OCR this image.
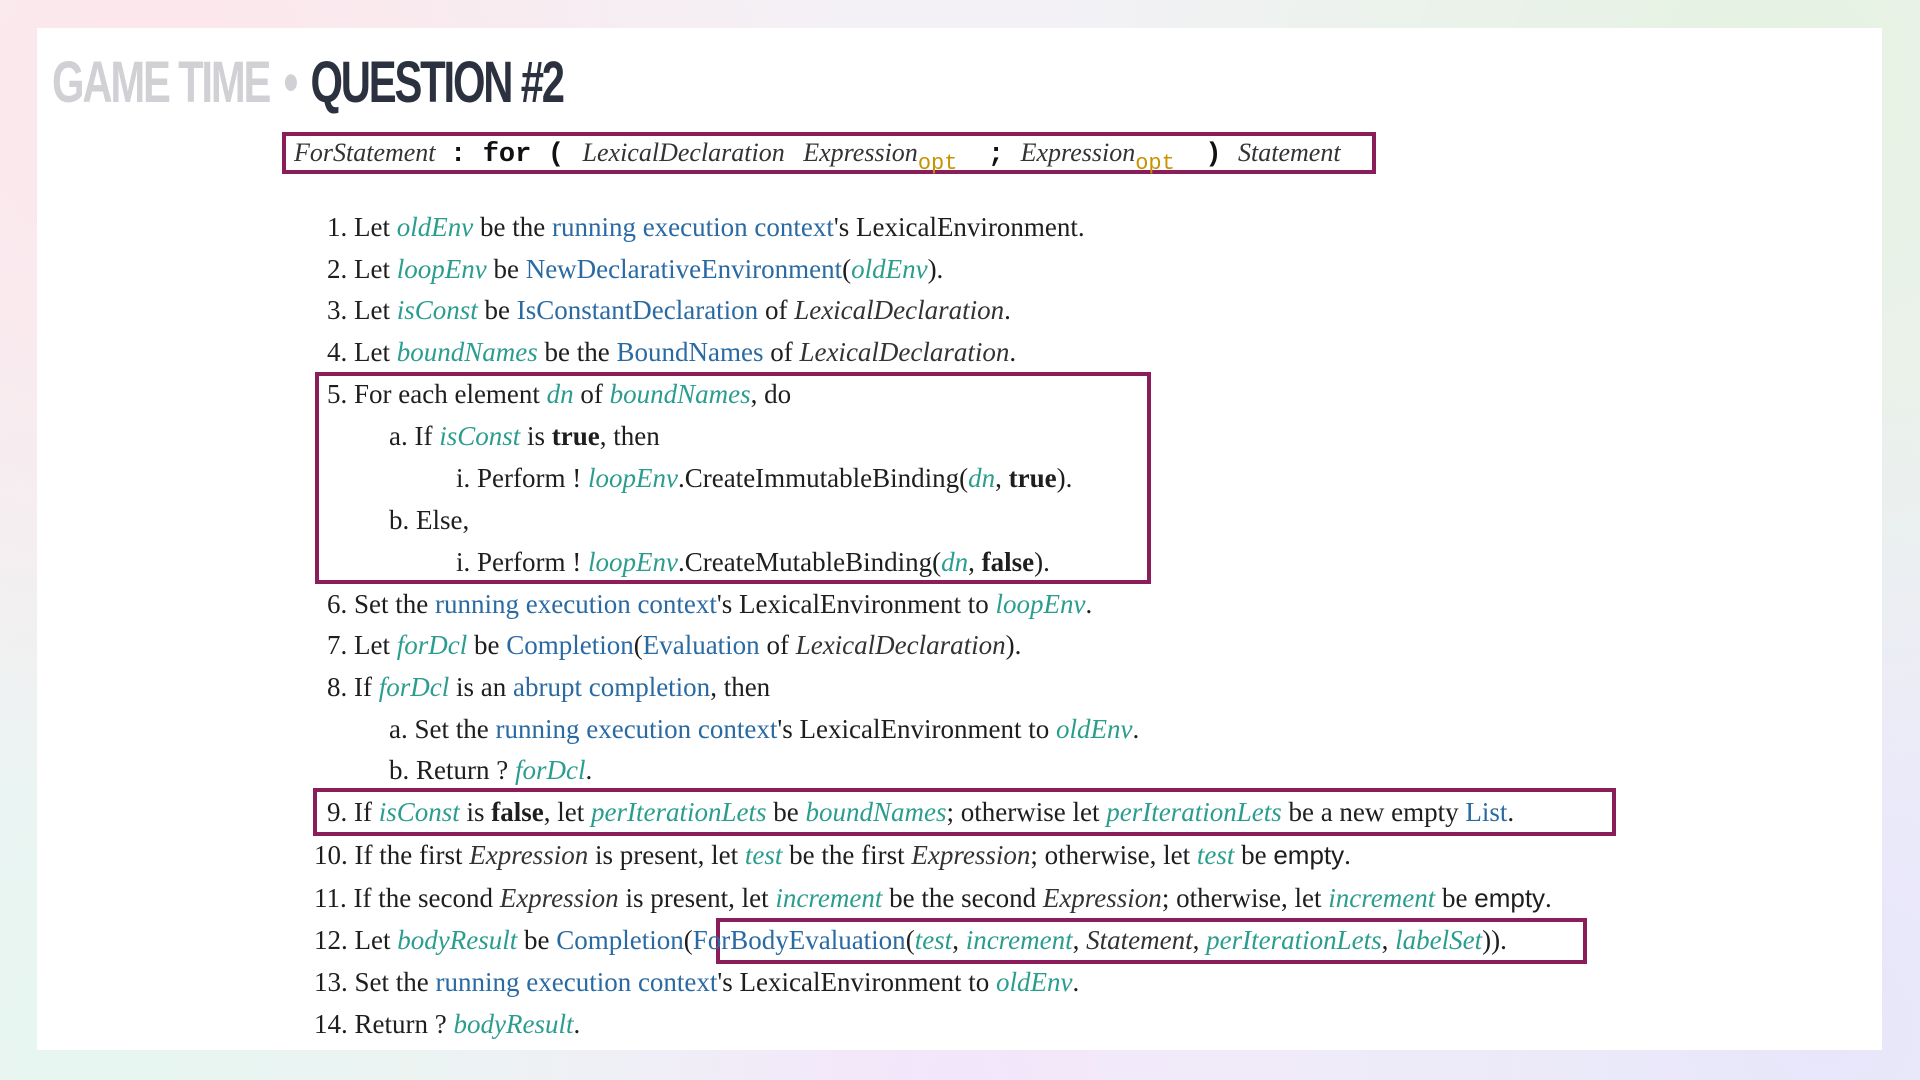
GAME TIME • QUESTION #2
ForStatement : for ( LexicalDeclaration Expression$_{opt}$ ; Expression$_{opt}$ ) Statement
1. Let oldEnv be the running execution context's LexicalEnvironment.
2. Let loopEnv be NewDeclarativeEnvironment(oldEnv).
3. Let isConst be IsConstantDeclaration of LexicalDeclaration.
4. Let boundNames be the BoundNames of LexicalDeclaration.
5. For each element dn of boundNames, do
a. If isConst is true, then
i. Perform ! loopEnv.CreateImmutableBinding(dn, true).
b. Else,
i. Perform ! loopEnv.CreateMutableBinding(dn, false).
6. Set the running execution context's LexicalEnvironment to loopEnv.
7. Let forDcl be Completion(Evaluation of LexicalDeclaration).
8. If forDcl is an abrupt completion, then
a. Set the running execution context's LexicalEnvironment to oldEnv.
b. Return ? forDcl.
9. If isConst is false, let perIterationLets be boundNames; otherwise let perIterationLets be a new empty List.
10. If the first Expression is present, let test be the first Expression; otherwise, let test be empty.
11. If the second Expression is present, let increment be the second Expression; otherwise, let increment be empty.
12. Let bodyResult be Completion(ForBodyEvaluation(test, increment, Statement, perIterationLets, labelSet)).
13. Set the running execution context's LexicalEnvironment to oldEnv.
14. Return ? bodyResult.
